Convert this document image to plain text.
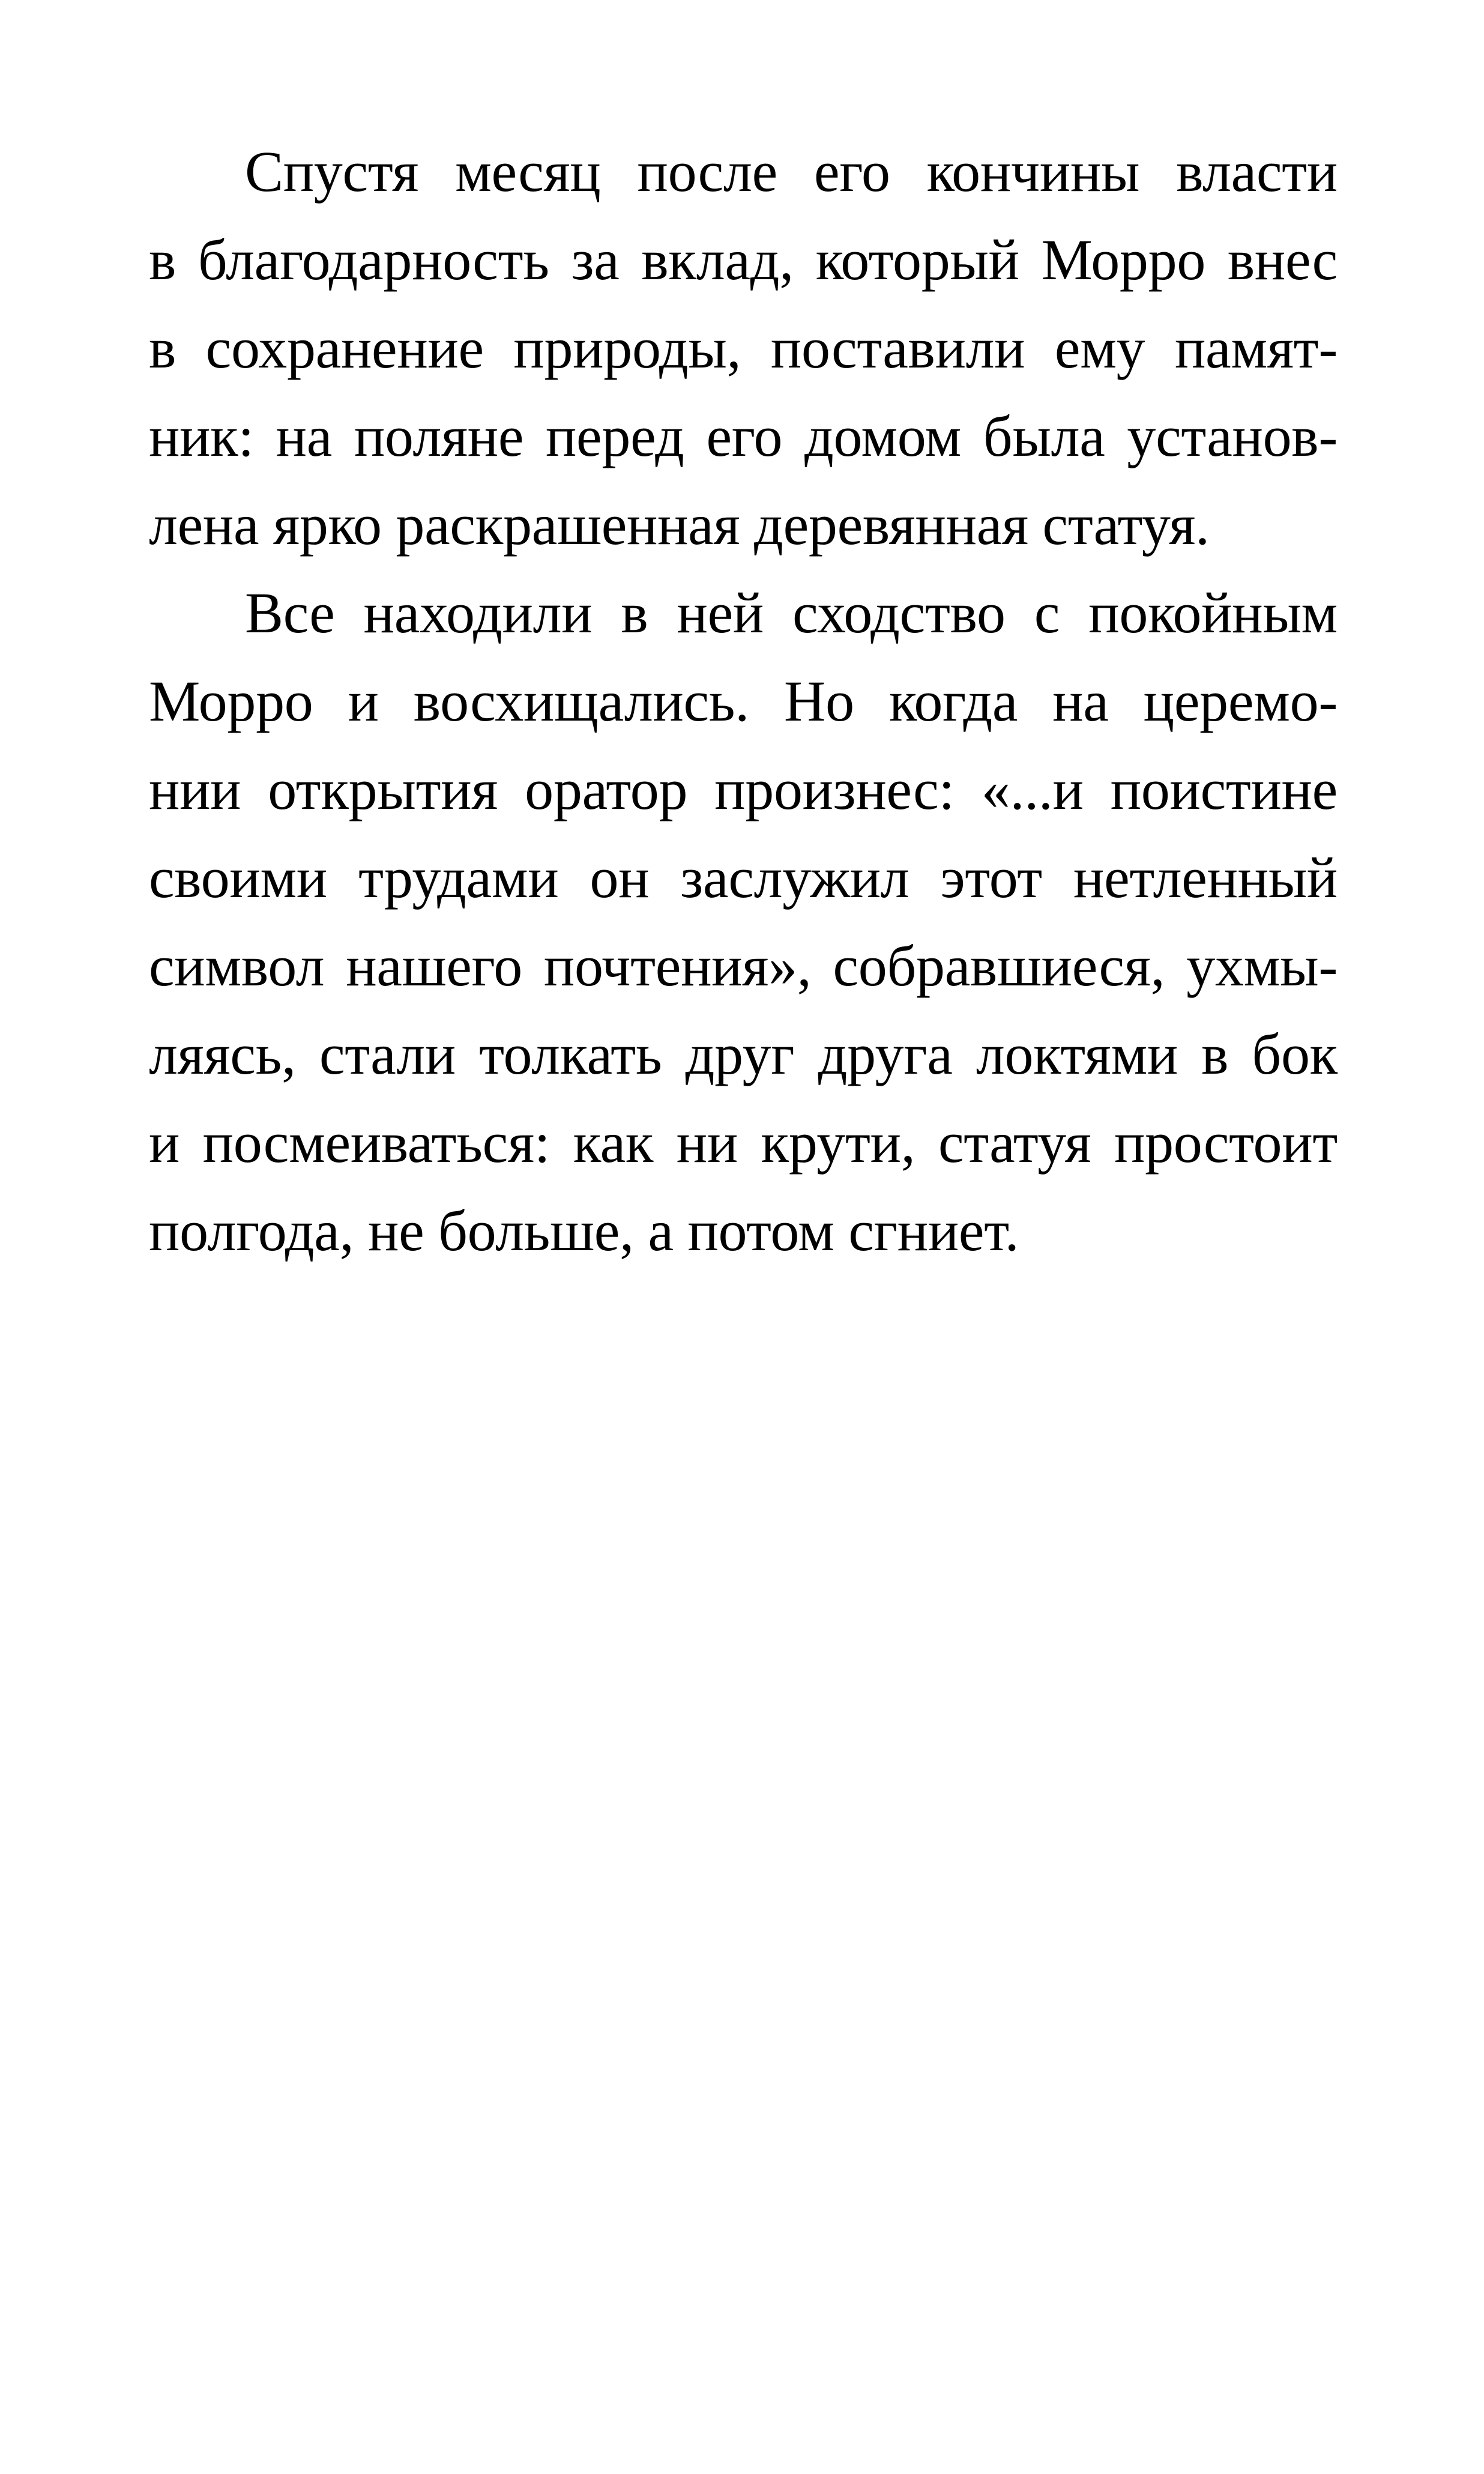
Спустя месяц после его кончины власти
в благодарность за вклад, который Морро внес
в сохранение природы, поставили ему памят-
ник: на поляне перед его домом была установ-
лена ярко раскрашенная деревянная статуя.
Все находили в ней сходство с покойным
Морро и восхищались. Но когда на церемо-
нии открытия оратор произнес: «...и поистине
своими трудами он заслужил этот нетленный
символ нашего почтения», собравшиеся, ухмы-
ляясь, стали толкать друг друга локтями в бок
и посмеиваться: как ни крути, статуя простоит
полгода, не больше, а потом сгниет.
